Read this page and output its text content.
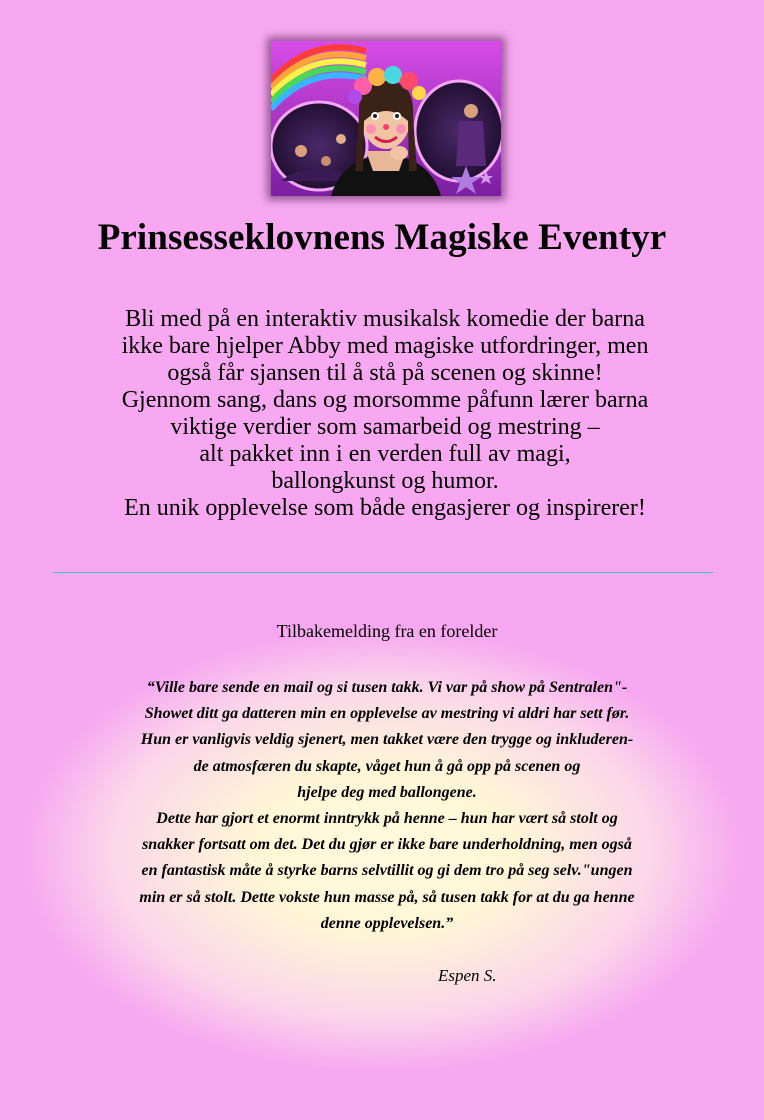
Prinsesseklovnens Magiske Eventyr

Bli med på en interaktiv musikalsk komedie der barna

ikke bare hjelper Abby med magiske utfordringer, men

også får sjansen til å stå på scenen og skinne!

Gjennom sang, dans og morsomme påfunn lærer barna

viktige verdier som samarbeid og mestring –

alt pakket inn i en verden full av magi,

ballongkunst og humor.

En unik opplevelse som både engasjerer og inspirerer!

Tilbakemelding fra en forelder

“Ville bare sende en mail og si tusen takk. Vi var på show på Sentralen"-

Showet ditt ga datteren min en opplevelse av mestring vi aldri har sett før.

Hun er vanligvis veldig sjenert, men takket være den trygge og inkluderen-

de atmosfæren du skapte, våget hun å gå opp på scenen og

hjelpe deg med ballongene.

Dette har gjort et enormt inntrykk på henne – hun har vært så stolt og

snakker fortsatt om det. Det du gjør er ikke bare underholdning, men også

en fantastisk måte å styrke barns selvtillit og gi dem tro på seg selv."ungen

min er så stolt. Dette vokste hun masse på, så tusen takk for at du ga henne

denne opplevelsen.”

Espen S.
